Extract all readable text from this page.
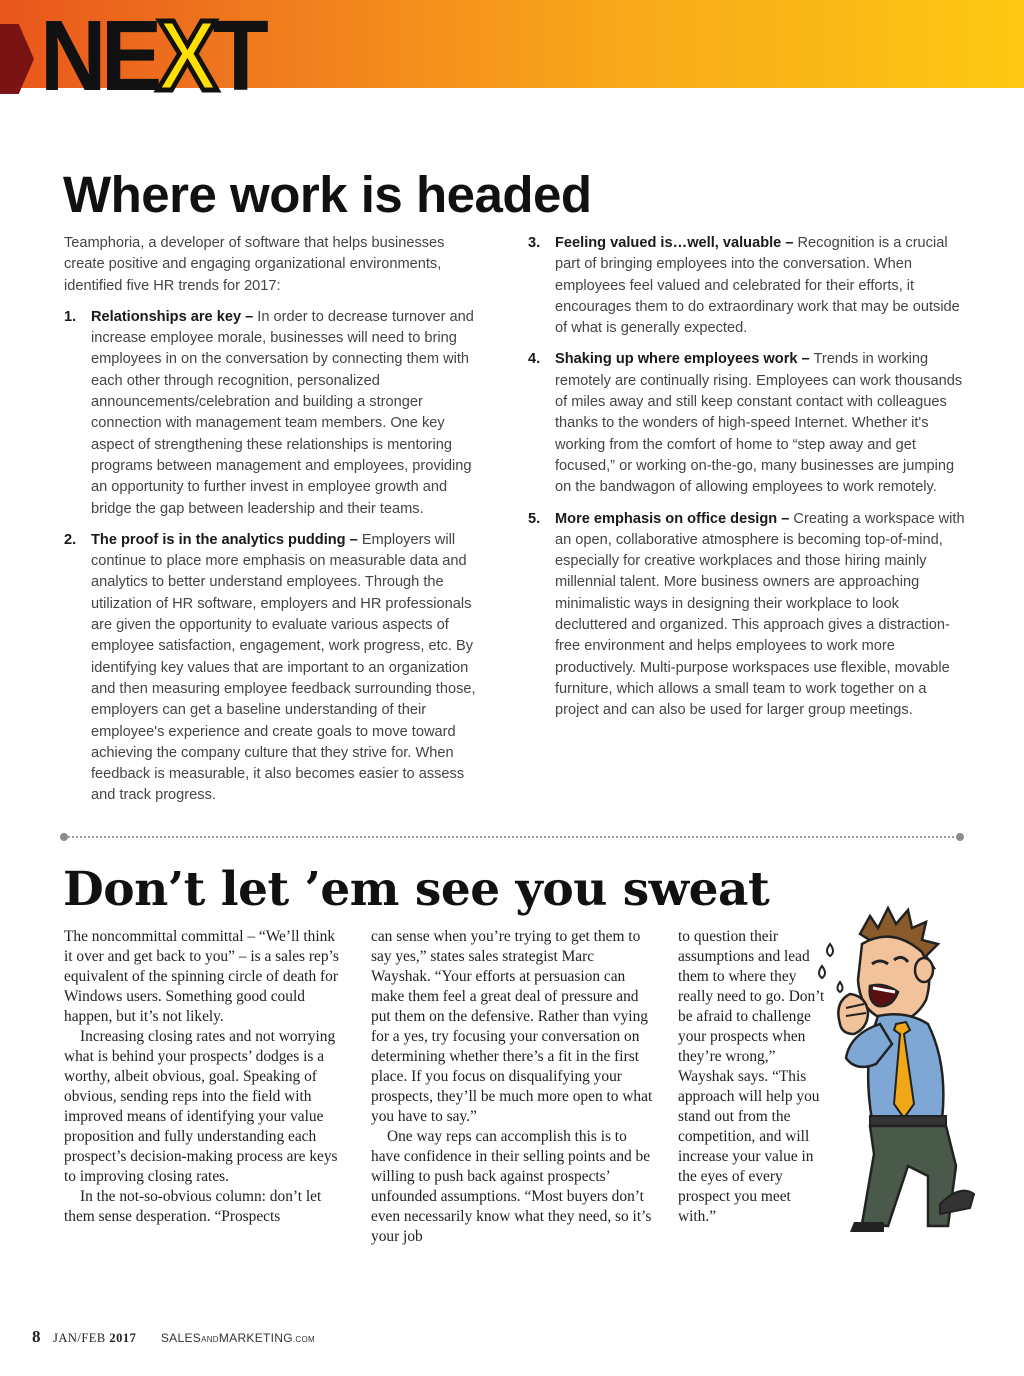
NEXT
Where work is headed

Teamphoria, a developer of software that helps businesses create positive and engaging organizational environments, identified five HR trends for 2017:

1. Relationships are key – In order to decrease turnover and increase employee morale, businesses will need to bring employees in on the conversation by connecting them with each other through recognition, personalized announcements/celebration and building a stronger connection with management team members. One key aspect of strengthening these relationships is mentoring programs between management and employees, providing an opportunity to further invest in employee growth and bridge the gap between leadership and their teams.
2. The proof is in the analytics pudding – Employers will continue to place more emphasis on measurable data and analytics to better understand employees. Through the utilization of HR software, employers and HR professionals are given the opportunity to evaluate various aspects of employee satisfaction, engagement, work progress, etc. By identifying key values that are important to an organization and then measuring employee feedback surrounding those, employers can get a baseline understanding of their employee's experience and create goals to move toward achieving the company culture that they strive for. When feedback is measurable, it also becomes easier to assess and track progress.
3. Feeling valued is…well, valuable – Recognition is a crucial part of bringing employees into the conversation. When employees feel valued and celebrated for their efforts, it encourages them to do extraordinary work that may be outside of what is generally expected.
4. Shaking up where employees work – Trends in working remotely are continually rising. Employees can work thousands of miles away and still keep constant contact with colleagues thanks to the wonders of high-speed Internet. Whether it's working from the comfort of home to “step away and get focused,” or working on-the-go, many businesses are jumping on the bandwagon of allowing employees to work remotely.
5. More emphasis on office design – Creating a workspace with an open, collaborative atmosphere is becoming top-of-mind, especially for creative workplaces and those hiring mainly millennial talent. More business owners are approaching minimalistic ways in designing their workplace to look decluttered and organized. This approach gives a distraction-free environment and helps employees to work more productively. Multi-purpose workspaces use flexible, movable furniture, which allows a small team to work together on a project and can also be used for larger group meetings.
Don’t let ’em see you sweat

The noncommittal committal – “We’ll think it over and get back to you” – is a sales rep’s equivalent of the spinning circle of death for Windows users. Something good could happen, but it’s not likely.

Increasing closing rates and not worrying what is behind your prospects’ dodges is a worthy, albeit obvious, goal. Speaking of obvious, sending reps into the field with improved means of identifying your value proposition and fully understanding each prospect’s decision-making process are keys to improving closing rates.

In the not-so-obvious column: don’t let them sense desperation. “Prospects

can sense when you’re trying to get them to say yes,” states sales strategist Marc Wayshak. “Your efforts at persuasion can make them feel a great deal of pressure and put them on the defensive. Rather than vying for a yes, try focusing your conversation on determining whether there’s a fit in the first place. If you focus on disqualifying your prospects, they’ll be much more open to what you have to say.”

One way reps can accomplish this is to have confidence in their selling points and be willing to push back against prospects’ unfounded assumptions. “Most buyers don’t even necessarily know what they need, so it’s your job

to question their assumptions and lead them to where they really need to go. Don’t be afraid to challenge your prospects when they’re wrong,” Wayshak says. “This approach will help you stand out from the competition, and will increase your value in the eyes of every prospect you meet with.”

8 JAN/FEB 2017 SALESANDMARKETING.COM
